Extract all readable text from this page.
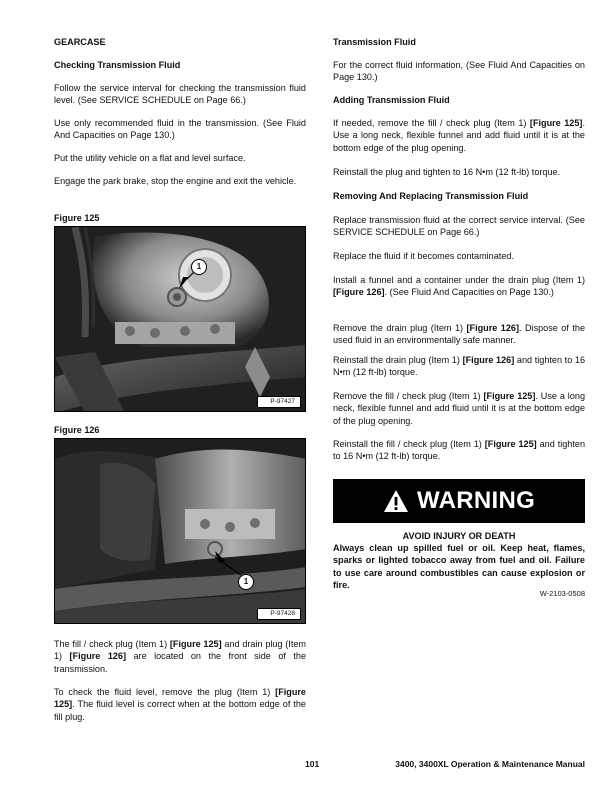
GEARCASE

Checking Transmission Fluid

Follow the service interval for checking the transmission fluid level. (See SERVICE SCHEDULE on Page 66.)

Use only recommended fluid in the transmission. (See Fluid And Capacities on Page 130.)

Put the utility vehicle on a flat and level surface.

Engage the park brake, stop the engine and exit the vehicle.

Figure 125

1
P-97427

Figure 126

1
P-97428

The fill / check plug (Item 1) [Figure 125] and drain plug (Item 1) [Figure 126] are located on the front side of the transmission.

To check the fluid level, remove the plug (Item 1) [Figure 125]. The fluid level is correct when at the bottom edge of the fill plug.

Transmission Fluid

For the correct fluid information, (See Fluid And Capacities on Page 130.)

Adding Transmission Fluid

If needed, remove the fill / check plug (Item 1) [Figure 125]. Use a long neck, flexible funnel and add fluid until it is at the bottom edge of the plug opening.

Reinstall the plug and tighten to 16 N•m (12 ft-lb) torque.

Removing And Replacing Transmission Fluid

Replace transmission fluid at the correct service interval. (See SERVICE SCHEDULE on Page 66.)

Replace the fluid if it becomes contaminated.

Install a funnel and a container under the drain plug (Item 1) [Figure 126]. (See Fluid And Capacities on Page 130.)

Remove the drain plug (Item 1) [Figure 126]. Dispose of the used fluid in an environmentally safe manner.

Reinstall the drain plug (Item 1) [Figure 126] and tighten to 16 N•m (12 ft-lb) torque.

Remove the fill / check plug (Item 1) [Figure 125]. Use a long neck, flexible funnel and add fluid until it is at the bottom edge of the plug opening.

Reinstall the fill / check plug (Item 1) [Figure 125] and tighten to 16 N•m (12 ft-lb) torque.

WARNING

AVOID INJURY OR DEATH

Always clean up spilled fuel or oil. Keep heat, flames, sparks or lighted tobacco away from fuel and oil. Failure to use care around combustibles can cause explosion or fire.

W-2103-0508

101	3400, 3400XL Operation & Maintenance Manual
